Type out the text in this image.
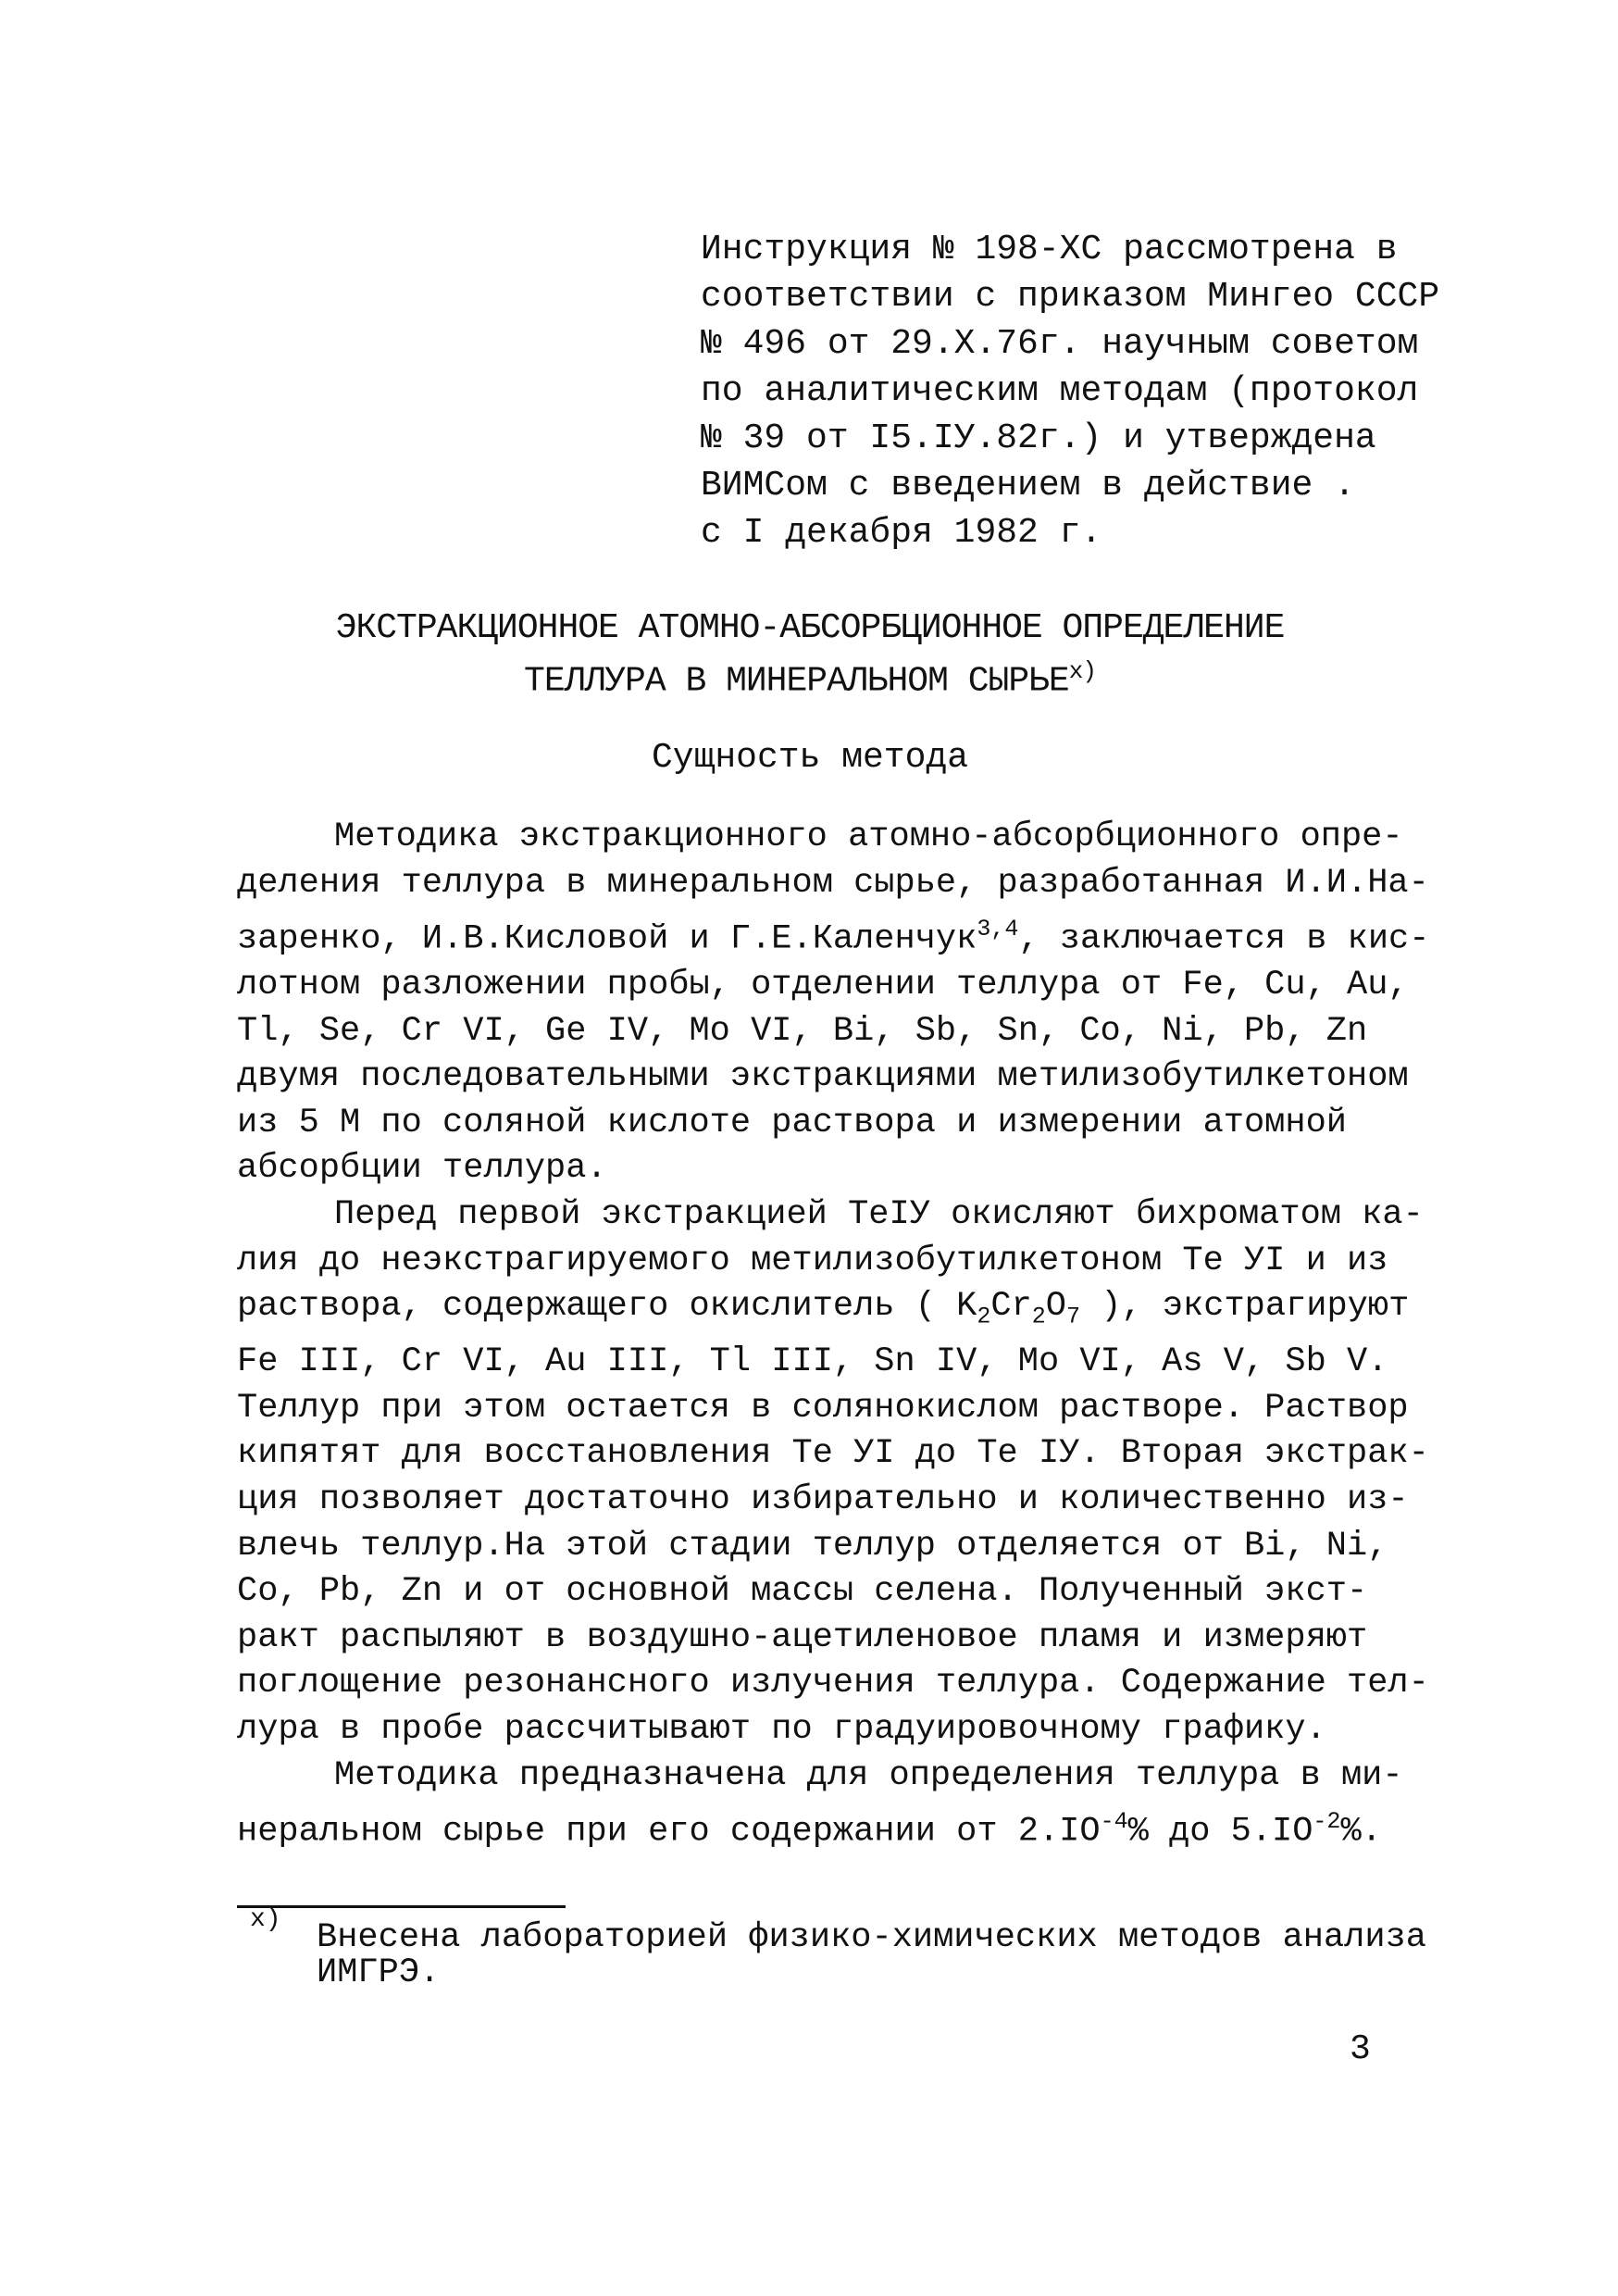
Инструкция № 198-ХС рассмотрена в
соответствии с приказом Мингео СССР
№ 496 от 29.X.76г. научным советом
по аналитическим методам (протокол
№ 39 от I5.IУ.82г.) и утверждена
ВИМСом с введением в действие .
с I декабря 1982 г.
ЭКСТРАКЦИОННОЕ АТОМНО-АБСОРБЦИОННОЕ ОПРЕДЕЛЕНИЕ
ТЕЛЛУРА В МИНЕРАЛЬНОМ $СЫРЬЕ^{х)}$
Сущность метода
Методика экстракционного атомно-абсорбционного опре-
деления теллура в минеральном сырье, разработанная И.И.На-
заренко, И.В.Кисловой и Г.Е.Каленчук$^{3,4}$, заключается в кис-
лотном разложении пробы, отделении теллура от Fe, Cu, Au,
Tl, Se, Cr VI, Ge IV, Mo VI, Bi, Sb, Sn, Co, Ni, Pb, Zn
двумя последовательными экстракциями метилизобутилкетоном
из 5 М по соляной кислоте раствора и измерении атомной
абсорбции теллура.
Перед первой экстракцией TeIУ окисляют бихроматом ка-
лия до неэкстрагируемого метилизобутилкетоном Te УI и из
раствора, содержащего окислитель ( $K_2Cr_2O_7$ ), экстрагируют
Fe III, Cr VI, Au III, Tl III, Sn IV, Mo VI, As V, Sb V.
Теллур при этом остается в солянокислом растворе. Раствор
кипятят для восстановления Te УI до Te IУ. Вторая экстрак-
ция позволяет достаточно избирательно и количественно из-
влечь теллур.На этой стадии теллур отделяется от Bi, Ni,
Co, Pb, Zn и от основной массы селена. Полученный экст-
ракт распыляют в воздушно-ацетиленовое пламя и измеряют
поглощение резонансного излучения теллура. Содержание тел-
лура в пробе рассчитывают по градуировочному графику.
Методика предназначена для определения теллура в ми-
неральном сырье при его содержании от $2.IO^{-4}\%$ до $5.IO^{-2}\%$.
х) Внесена лабораторией физико-химических методов анализа
ИМГРЭ.
3
